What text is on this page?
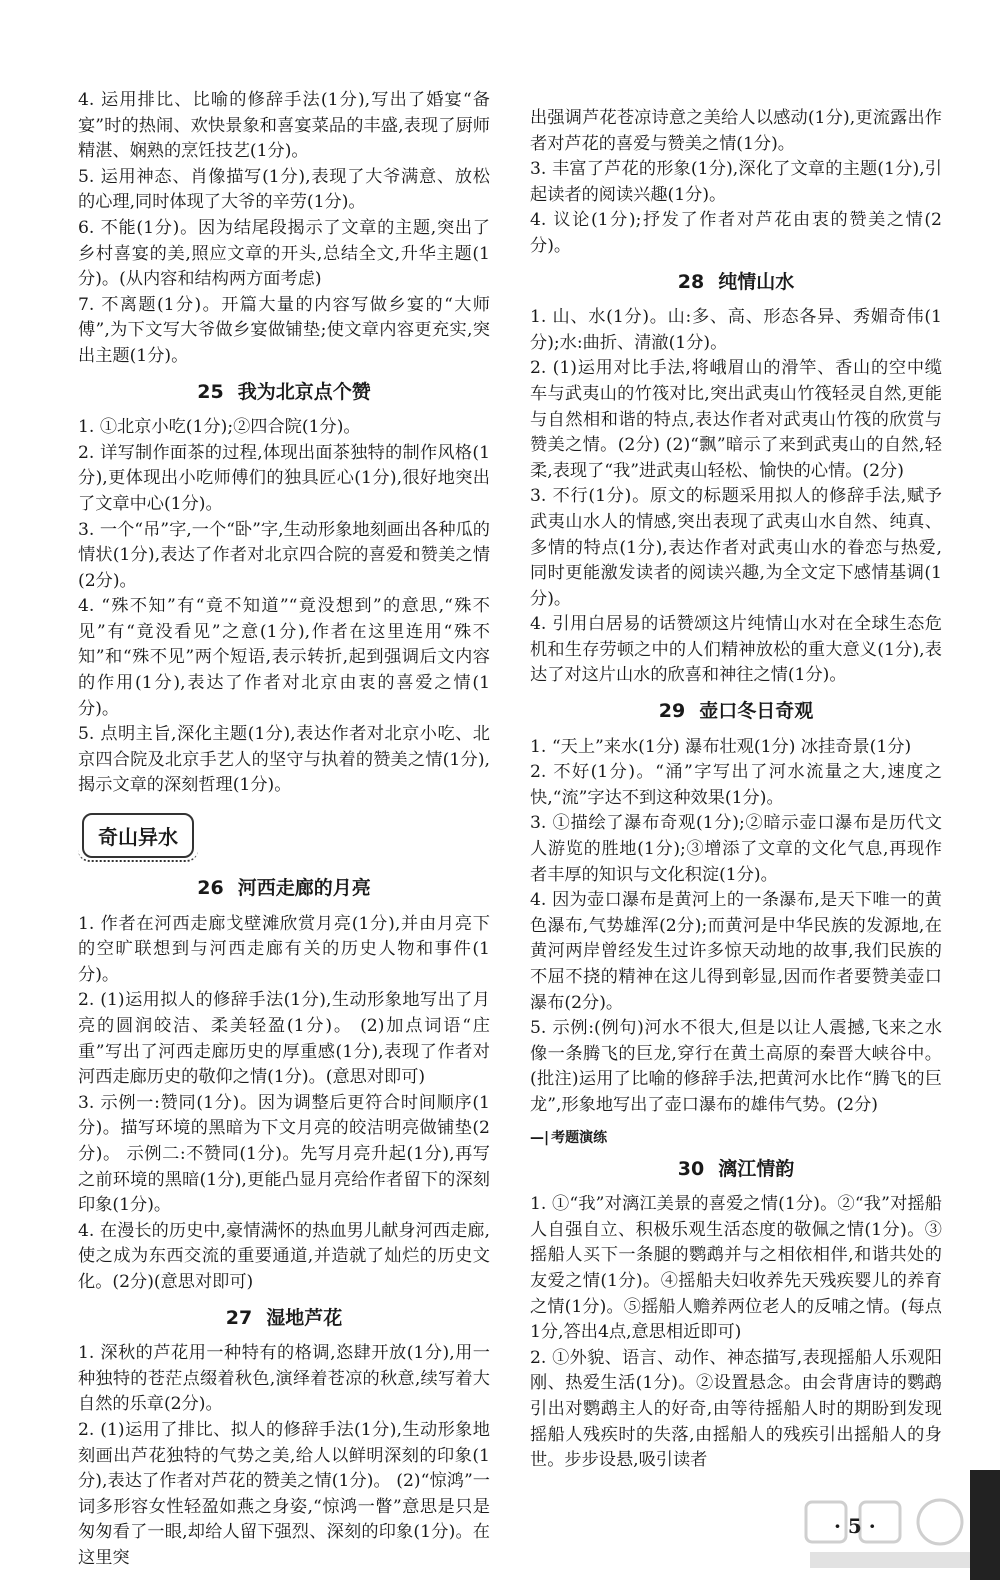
4. 运用排比、比喻的修辞手法(1分),写出了婚宴“备宴”时的热闹、欢快景象和喜宴菜品的丰盛,表现了厨师精湛、娴熟的烹饪技艺(1分)。

5. 运用神态、肖像描写(1分),表现了大爷满意、放松的心理,同时体现了大爷的辛劳(1分)。

6. 不能(1分)。因为结尾段揭示了文章的主题,突出了乡村喜宴的美,照应文章的开头,总结全文,升华主题(1分)。(从内容和结构两方面考虑)

7. 不离题(1分)。开篇大量的内容写做乡宴的“大师傅”,为下文写大爷做乡宴做铺垫;使文章内容更充实,突出主题(1分)。

25 我为北京点个赞

1. ①北京小吃(1分);②四合院(1分)。

2. 详写制作面茶的过程,体现出面茶独特的制作风格(1分),更体现出小吃师傅们的独具匠心(1分),很好地突出了文章中心(1分)。

3. 一个“吊”字,一个“卧”字,生动形象地刻画出各种瓜的情状(1分),表达了作者对北京四合院的喜爱和赞美之情(2分)。

4. “殊不知”有“竟不知道”“竟没想到”的意思,“殊不见”有“竟没看见”之意(1分),作者在这里连用“殊不知”和“殊不见”两个短语,表示转折,起到强调后文内容的作用(1分),表达了作者对北京由衷的喜爱之情(1分)。

5. 点明主旨,深化主题(1分),表达作者对北京小吃、北京四合院及北京手艺人的坚守与执着的赞美之情(1分),揭示文章的深刻哲理(1分)。

奇山异水
26 河西走廊的月亮

1. 作者在河西走廊戈壁滩欣赏月亮(1分),并由月亮下的空旷联想到与河西走廊有关的历史人物和事件(1分)。

2. (1)运用拟人的修辞手法(1分),生动形象地写出了月亮的圆润皎洁、柔美轻盈(1分)。 (2)加点词语“庄重”写出了河西走廊历史的厚重感(1分),表现了作者对河西走廊历史的敬仰之情(1分)。(意思对即可)

3. 示例一:赞同(1分)。因为调整后更符合时间顺序(1分)。描写环境的黑暗为下文月亮的皎洁明亮做铺垫(2分)。 示例二:不赞同(1分)。先写月亮升起(1分),再写之前环境的黑暗(1分),更能凸显月亮给作者留下的深刻印象(1分)。

4. 在漫长的历史中,豪情满怀的热血男儿献身河西走廊,使之成为东西交流的重要通道,并造就了灿烂的历史文化。(2分)(意思对即可)

27 湿地芦花

1. 深秋的芦花用一种特有的格调,恣肆开放(1分),用一种独特的苍茫点缀着秋色,演绎着苍凉的秋意,续写着大自然的乐章(2分)。

2. (1)运用了排比、拟人的修辞手法(1分),生动形象地刻画出芦花独特的气势之美,给人以鲜明深刻的印象(1分),表达了作者对芦花的赞美之情(1分)。 (2)“惊鸿”一词多形容女性轻盈如燕之身姿,“惊鸿一瞥”意思是只是匆匆看了一眼,却给人留下强烈、深刻的印象(1分)。在这里突

出强调芦花苍凉诗意之美给人以感动(1分),更流露出作者对芦花的喜爱与赞美之情(1分)。

3. 丰富了芦花的形象(1分),深化了文章的主题(1分),引起读者的阅读兴趣(1分)。

4. 议论(1分);抒发了作者对芦花由衷的赞美之情(2分)。

28 纯情山水

1. 山、水(1分)。山:多、高、形态各异、秀媚奇伟(1分);水:曲折、清澈(1分)。

2. (1)运用对比手法,将峨眉山的滑竿、香山的空中缆车与武夷山的竹筏对比,突出武夷山竹筏轻灵自然,更能与自然相和谐的特点,表达作者对武夷山竹筏的欣赏与赞美之情。(2分) (2)“飘”暗示了来到武夷山的自然,轻柔,表现了“我”进武夷山轻松、愉快的心情。(2分)

3. 不行(1分)。原文的标题采用拟人的修辞手法,赋予武夷山水人的情感,突出表现了武夷山水自然、纯真、多情的特点(1分),表达作者对武夷山水的眷恋与热爱,同时更能激发读者的阅读兴趣,为全文定下感情基调(1分)。

4. 引用白居易的话赞颂这片纯情山水对在全球生态危机和生存劳顿之中的人们精神放松的重大意义(1分),表达了对这片山水的欣喜和神往之情(1分)。

29 壶口冬日奇观

1. “天上”来水(1分) 瀑布壮观(1分) 冰挂奇景(1分)

2. 不好(1分)。“涌”字写出了河水流量之大,速度之快,“流”字达不到这种效果(1分)。

3. ①描绘了瀑布奇观(1分);②暗示壶口瀑布是历代文人游览的胜地(1分);③增添了文章的文化气息,再现作者丰厚的知识与文化积淀(1分)。

4. 因为壶口瀑布是黄河上的一条瀑布,是天下唯一的黄色瀑布,气势雄浑(2分);而黄河是中华民族的发源地,在黄河两岸曾经发生过许多惊天动地的故事,我们民族的不屈不挠的精神在这儿得到彰显,因而作者要赞美壶口瀑布(2分)。

5. 示例:(例句)河水不很大,但是以让人震撼,飞来之水像一条腾飞的巨龙,穿行在黄土高原的秦晋大峡谷中。(批注)运用了比喻的修辞手法,把黄河水比作“腾飞的巨龙”,形象地写出了壶口瀑布的雄伟气势。(2分)

—| 考题演练
30 漓江情韵

1. ①“我”对漓江美景的喜爱之情(1分)。②“我”对摇船人自强自立、积极乐观生活态度的敬佩之情(1分)。③摇船人买下一条腿的鹦鹉并与之相依相伴,和谐共处的友爱之情(1分)。④摇船夫妇收养先天残疾婴儿的养育之情(1分)。⑤摇船人赡养两位老人的反哺之情。(每点1分,答出4点,意思相近即可)

2. ①外貌、语言、动作、神态描写,表现摇船人乐观阳刚、热爱生活(1分)。②设置悬念。由会背唐诗的鹦鹉引出对鹦鹉主人的好奇,由等待摇船人时的期盼到发现摇船人残疾时的失落,由摇船人的残疾引出摇船人的身世。步步设悬,吸引读者

· 5 ·
